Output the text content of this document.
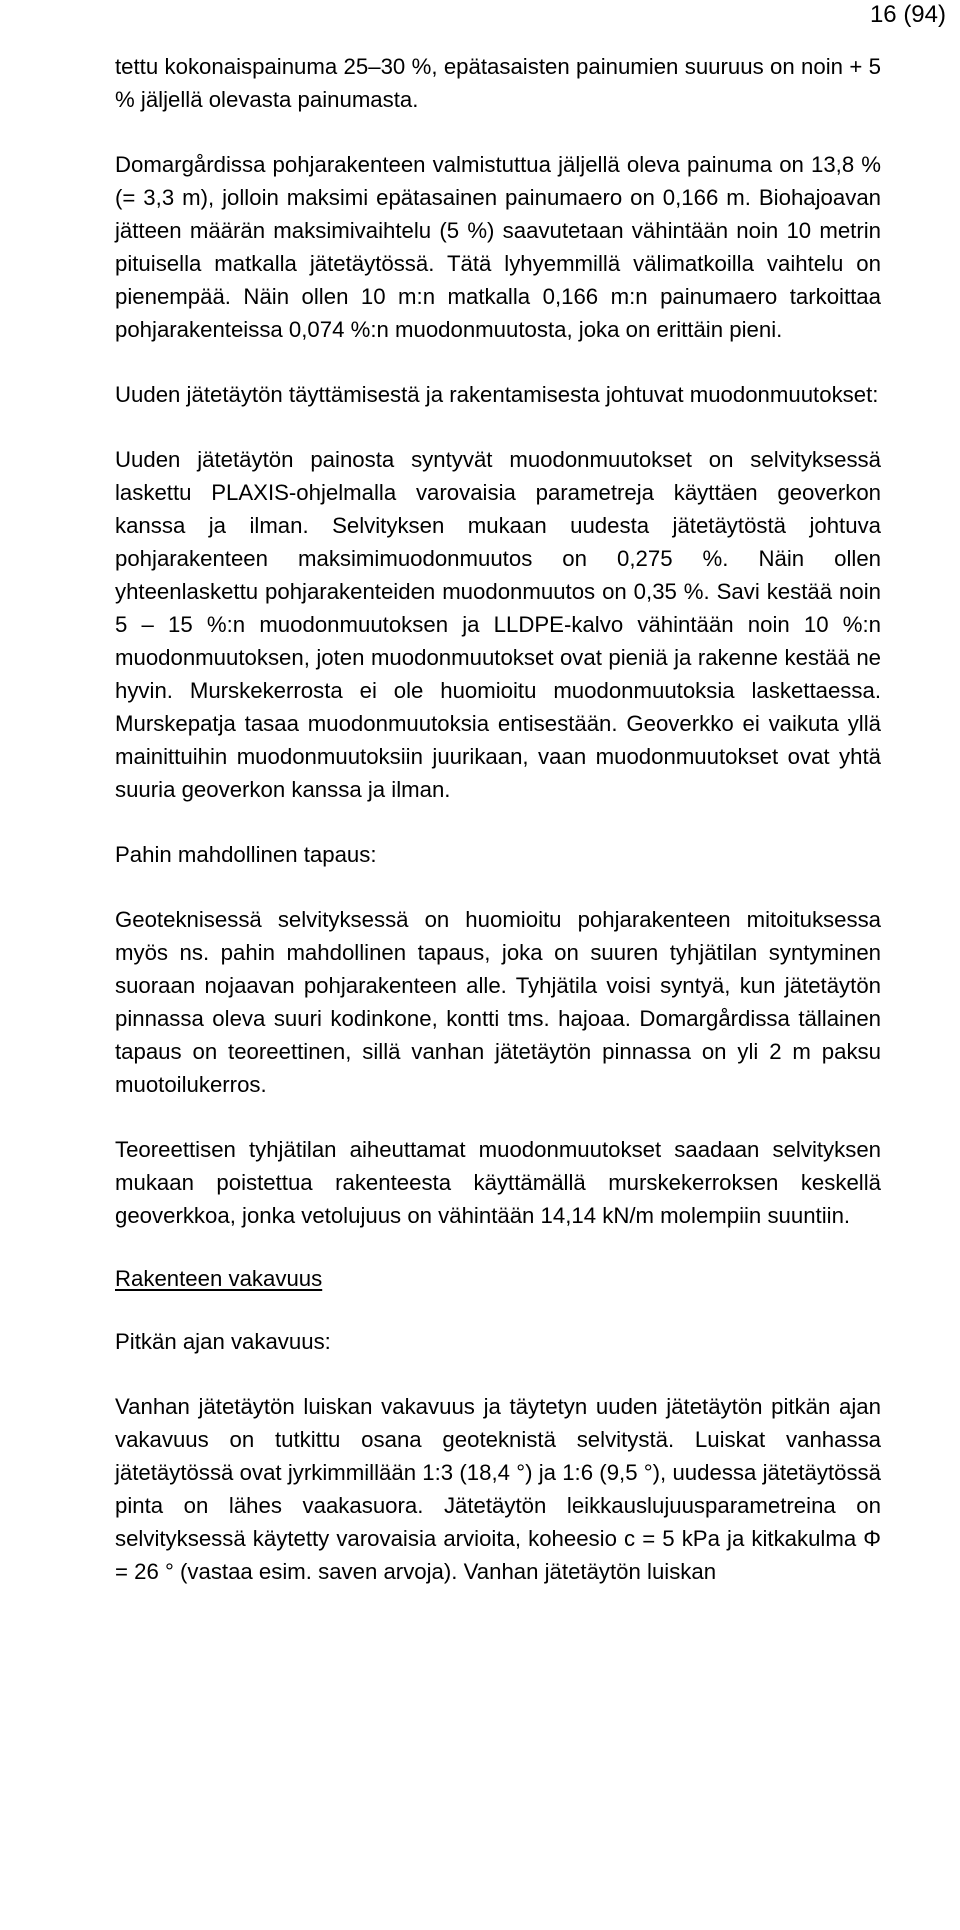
16 (94)

tettu kokonaispainuma 25–30 %, epätasaisten painumien suuruus on noin + 5 % jäljellä olevasta painumasta.

Domargårdissa pohjarakenteen valmistuttua jäljellä oleva painuma on 13,8 % (= 3,3 m), jolloin maksimi epätasainen painumaero on 0,166 m. Biohajoavan jätteen määrän maksimivaihtelu (5 %) saavutetaan vähintään noin 10 metrin pituisella matkalla jätetäytössä. Tätä lyhyemmillä välimatkoilla vaihtelu on pienempää. Näin ollen 10 m:n matkalla 0,166 m:n painumaero tarkoittaa pohjarakenteissa 0,074 %:n muodonmuutosta, joka on erittäin pieni.

Uuden jätetäytön täyttämisestä ja rakentamisesta johtuvat muodonmuutokset:

Uuden jätetäytön painosta syntyvät muodonmuutokset on selvityksessä laskettu PLAXIS-ohjelmalla varovaisia parametreja käyttäen geoverkon kanssa ja ilman. Selvityksen mukaan uudesta jätetäytöstä johtuva pohjarakenteen maksimimuodonmuutos on 0,275 %. Näin ollen yhteenlaskettu pohjarakenteiden muodonmuutos on 0,35 %. Savi kestää noin 5 – 15 %:n muodonmuutoksen ja LLDPE-kalvo vähintään noin 10 %:n muodonmuutoksen, joten muodonmuutokset ovat pieniä ja rakenne kestää ne hyvin. Murskekerrosta ei ole huomioitu muodonmuutoksia laskettaessa. Murskepatja tasaa muodonmuutoksia entisestään. Geoverkko ei vaikuta yllä mainittuihin muodonmuutoksiin juurikaan, vaan muodonmuutokset ovat yhtä suuria geoverkon kanssa ja ilman.

Pahin mahdollinen tapaus:

Geoteknisessä selvityksessä on huomioitu pohjarakenteen mitoituksessa myös ns. pahin mahdollinen tapaus, joka on suuren tyhjätilan syntyminen suoraan nojaavan pohjarakenteen alle. Tyhjätila voisi syntyä, kun jätetäytön pinnassa oleva suuri kodinkone, kontti tms. hajoaa. Domargårdissa tällainen tapaus on teoreettinen, sillä vanhan jätetäytön pinnassa on yli 2 m paksu muotoilukerros.

Teoreettisen tyhjätilan aiheuttamat muodonmuutokset saadaan selvityksen mukaan poistettua rakenteesta käyttämällä murskekerroksen keskellä geoverkkoa, jonka vetolujuus on vähintään 14,14 kN/m molempiin suuntiin.

Rakenteen vakavuus

Pitkän ajan vakavuus:

Vanhan jätetäytön luiskan vakavuus ja täytetyn uuden jätetäytön pitkän ajan vakavuus on tutkittu osana geoteknistä selvitystä. Luiskat vanhassa jätetäytössä ovat jyrkimmillään 1:3 (18,4 °) ja 1:6 (9,5 °), uudessa jätetäytössä pinta on lähes vaakasuora. Jätetäytön leikkauslujuusparametreina on selvityksessä käytetty varovaisia arvioita, koheesio c = 5 kPa ja kitkakulma Φ = 26 ° (vastaa esim. saven arvoja). Vanhan jätetäytön luiskan
